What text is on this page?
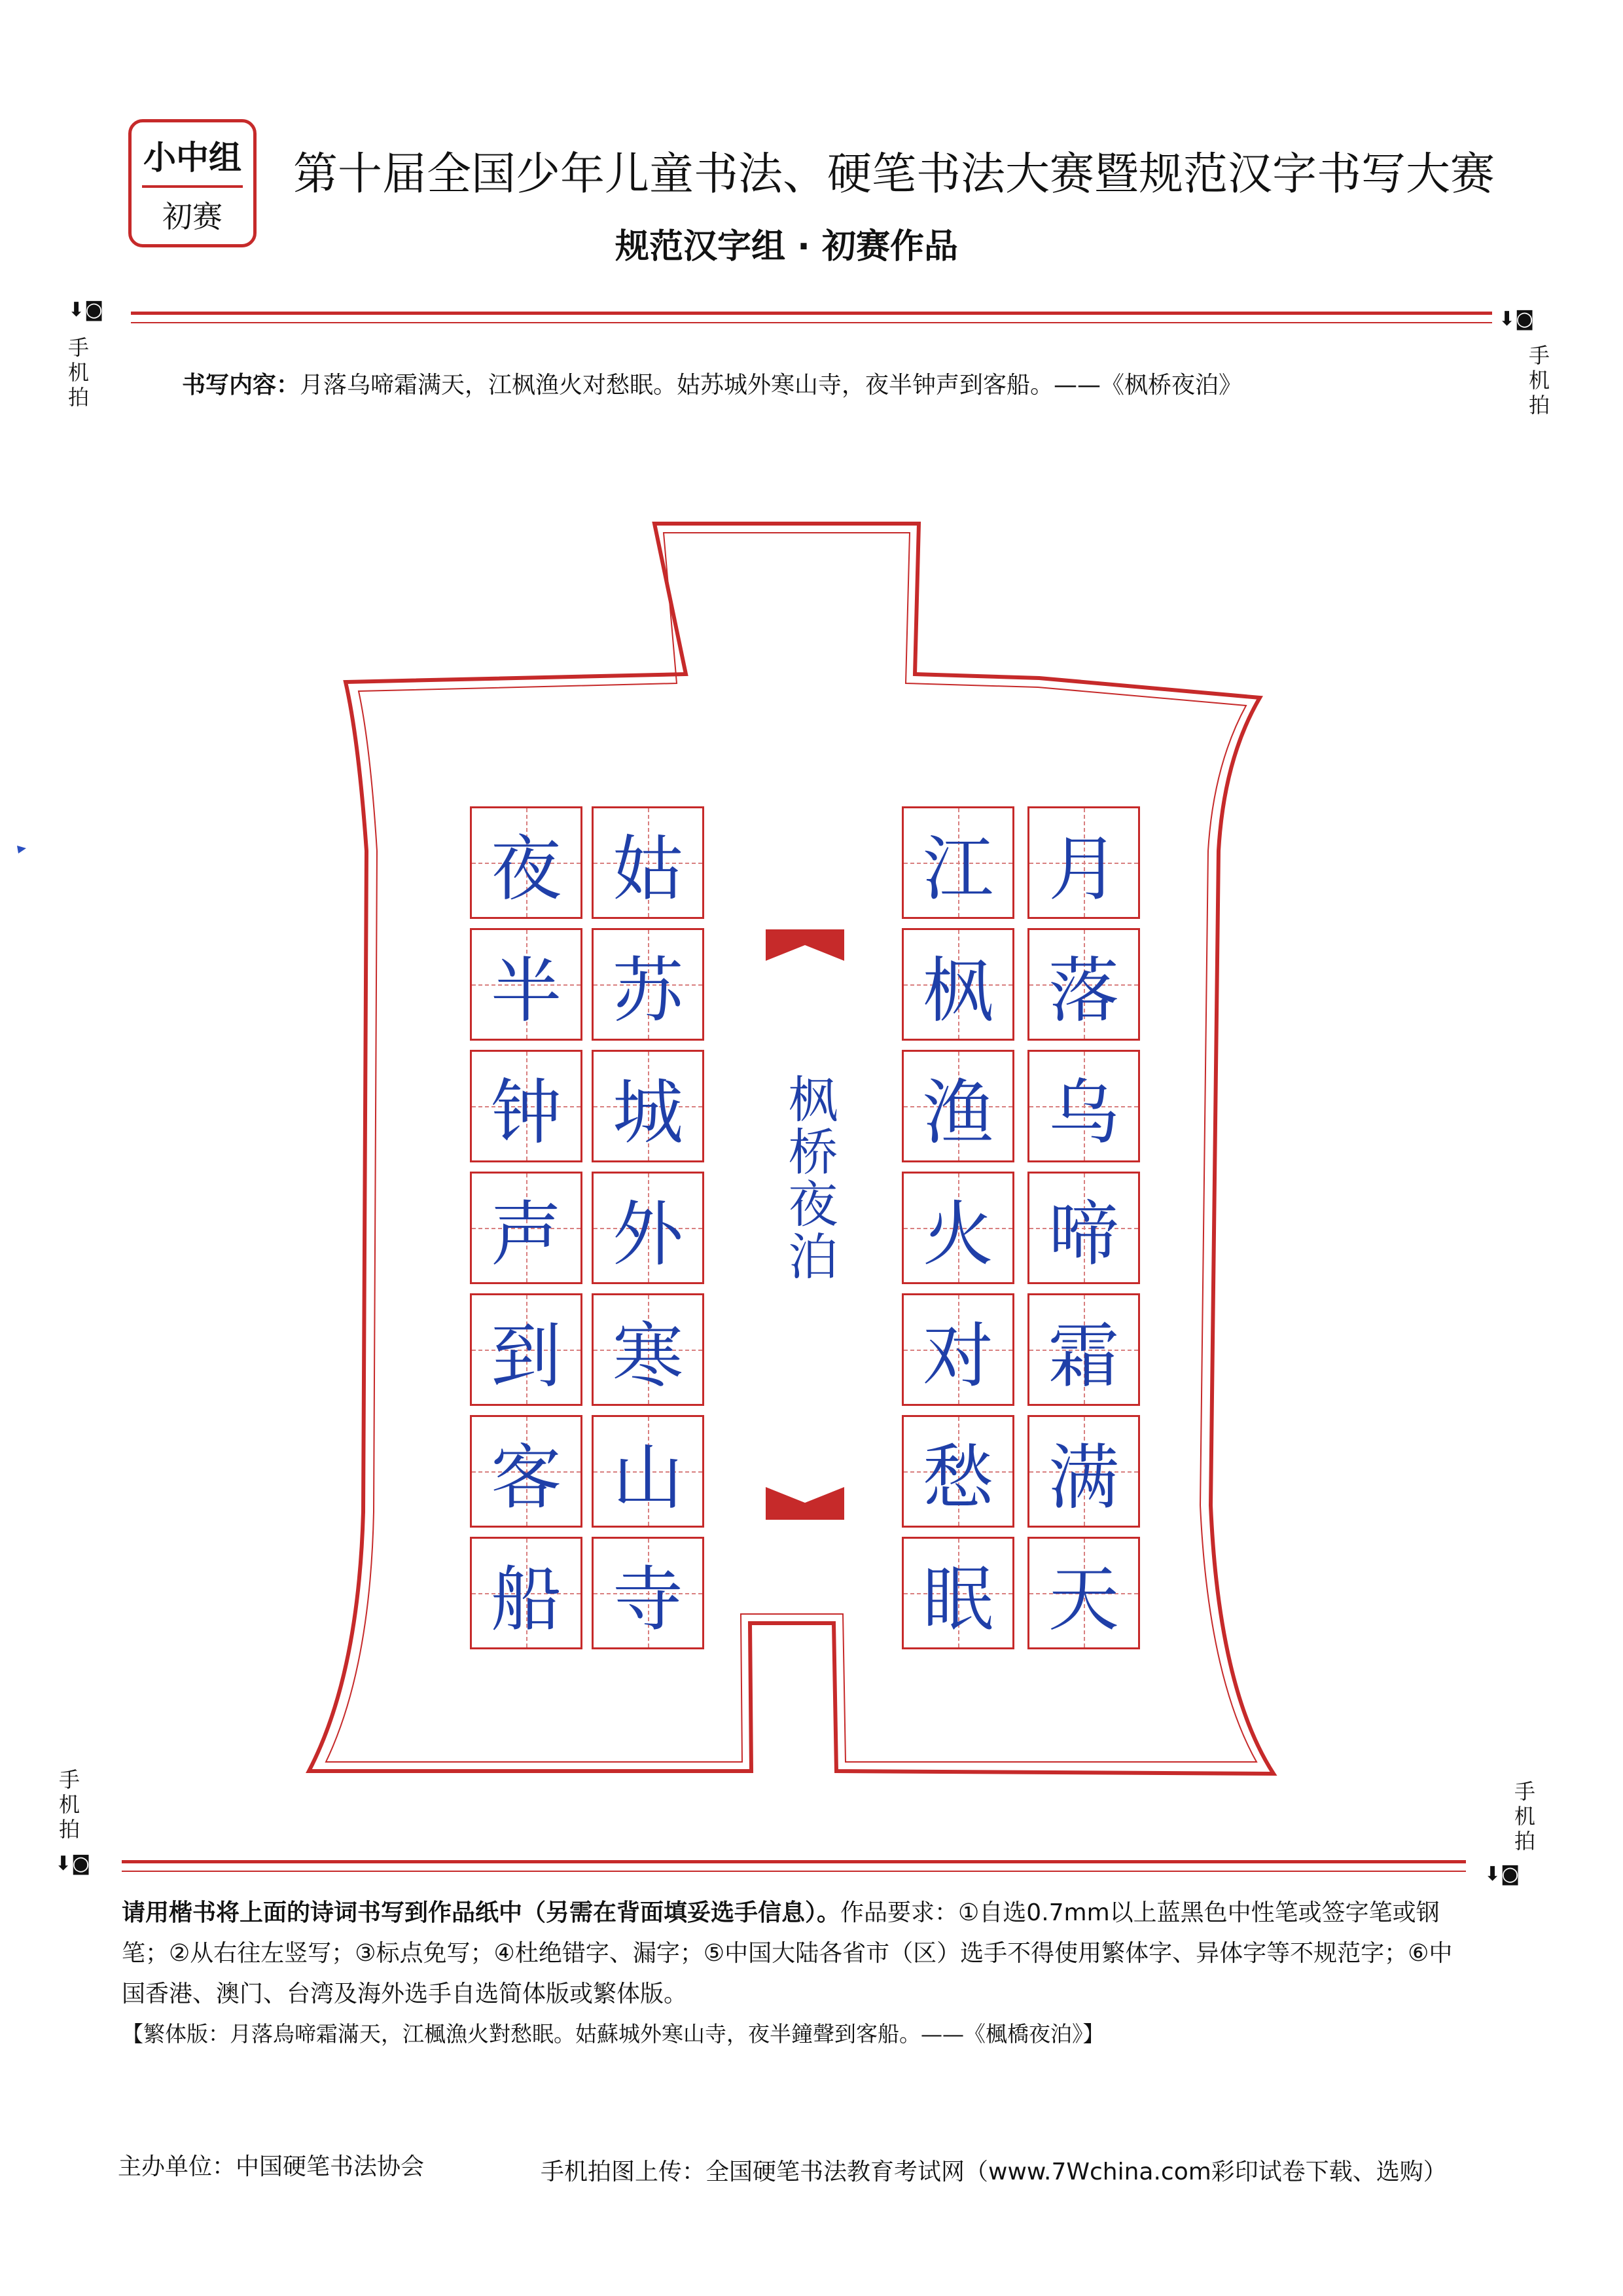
小中组
初赛
第十届全国少年儿童书法、硬笔书法大赛暨规范汉字书写大赛
规范汉字组 · 初赛作品
⬇◙	⬇◙
手机拍
手机拍
书写内容：月落乌啼霜满天，江枫渔火对愁眠。姑苏城外寒山寺，夜半钟声到客船。——《枫桥夜泊》
月
落
乌
啼
霜
满
天
江
枫
渔
火
对
愁
眠
姑
苏
城
外
寒
山
寺
夜
半
钟
声
到
客
船
枫桥夜泊
手机拍
手机拍
⬇◙	⬇◙
请用楷书将上面的诗词书写到作品纸中（另需在背面填妥选手信息）。作品要求：①自选0.7mm以上蓝黑色中性笔或签字笔或钢笔；②从右往左竖写；③标点免写；④杜绝错字、漏字；⑤中国大陆各省市（区）选手不得使用繁体字、异体字等不规范字；⑥中国香港、澳门、台湾及海外选手自选简体版或繁体版。
【繁体版：月落烏啼霜滿天，江楓漁火對愁眠。姑蘇城外寒山寺，夜半鐘聲到客船。——《楓橋夜泊》】
主办单位：中国硬笔书法协会	手机拍图上传：全国硬笔书法教育考试网（www.7Wchina.com彩印试卷下载、选购）
